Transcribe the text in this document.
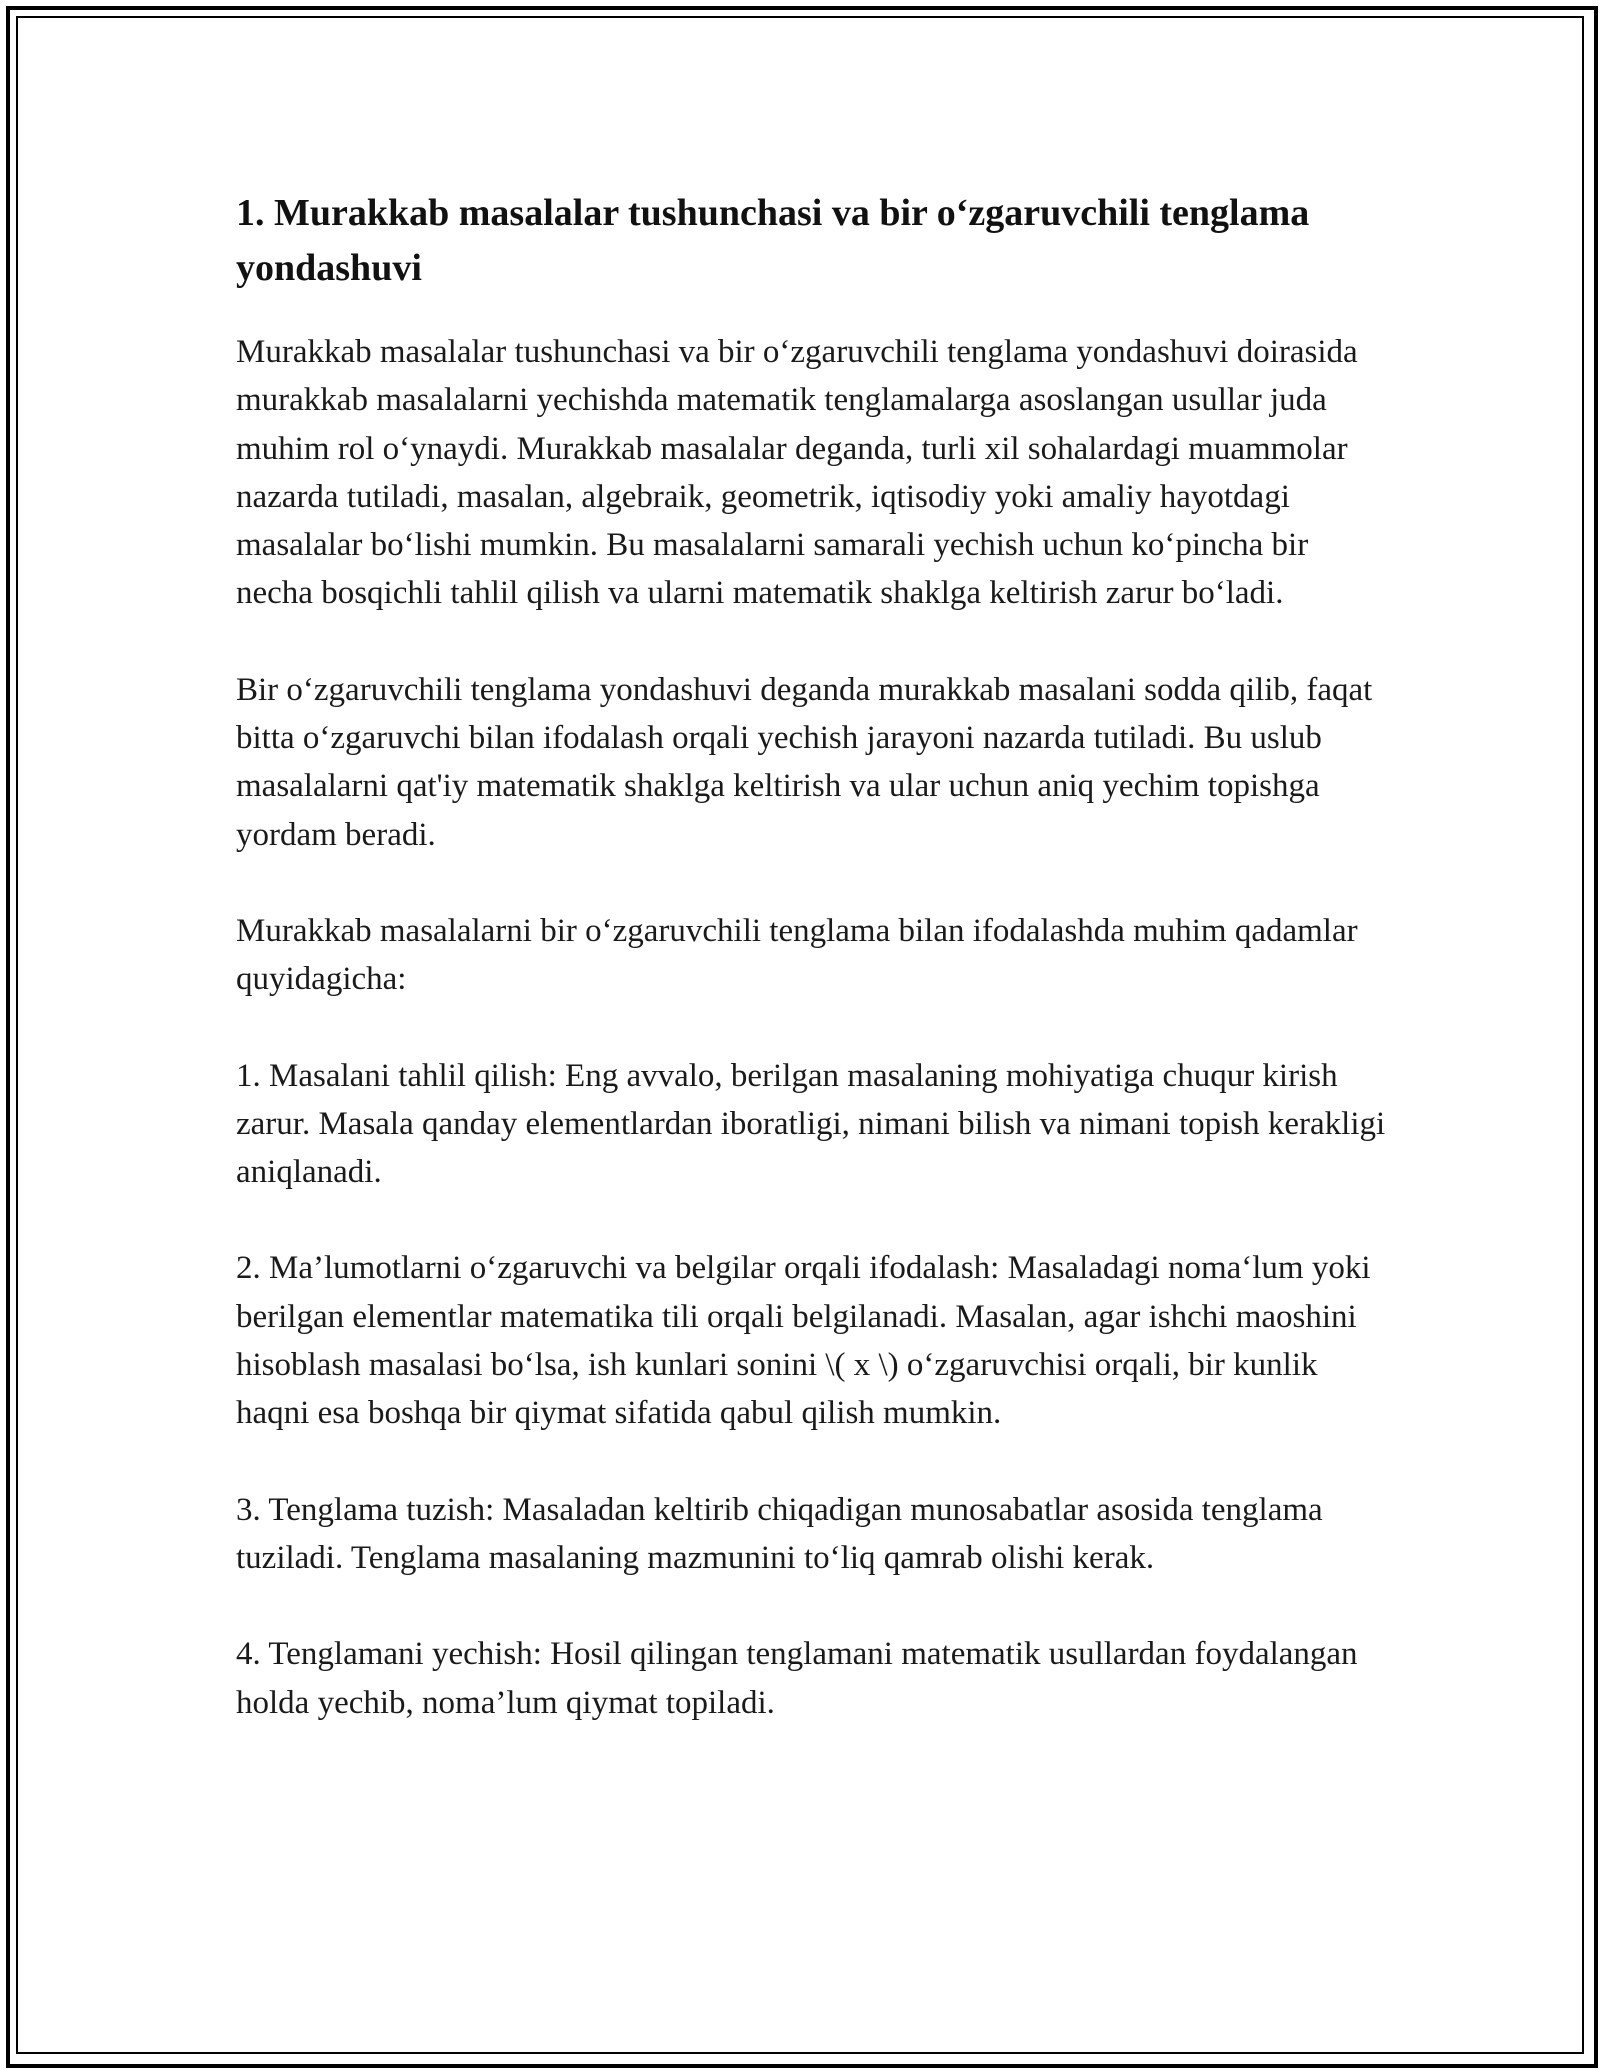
1. Murakkab masalalar tushunchasi va bir o‘zgaruvchili tenglama yondashuvi

Murakkab masalalar tushunchasi va bir o‘zgaruvchili tenglama yondashuvi doirasida murakkab masalalarni yechishda matematik tenglamalarga asoslangan usullar juda muhim rol o‘ynaydi. Murakkab masalalar deganda, turli xil sohalardagi muammolar nazarda tutiladi, masalan, algebraik, geometrik, iqtisodiy yoki amaliy hayotdagi masalalar bo‘lishi mumkin. Bu masalalarni samarali yechish uchun ko‘pincha bir necha bosqichli tahlil qilish va ularni matematik shaklga keltirish zarur bo‘ladi.

Bir o‘zgaruvchili tenglama yondashuvi deganda murakkab masalani sodda qilib, faqat bitta o‘zgaruvchi bilan ifodalash orqali yechish jarayoni nazarda tutiladi. Bu uslub masalalarni qat'iy matematik shaklga keltirish va ular uchun aniq yechim topishga yordam beradi.

Murakkab masalalarni bir o‘zgaruvchili tenglama bilan ifodalashda muhim qadamlar quyidagicha:

1. Masalani tahlil qilish: Eng avvalo, berilgan masalaning mohiyatiga chuqur kirish zarur. Masala qanday elementlardan iboratligi, nimani bilish va nimani topish kerakligi aniqlanadi.

2. Ma’lumotlarni o‘zgaruvchi va belgilar orqali ifodalash: Masaladagi noma‘lum yoki berilgan elementlar matematika tili orqali belgilanadi. Masalan, agar ishchi maoshini hisoblash masalasi bo‘lsa, ish kunlari sonini \( x \) o‘zgaruvchisi orqali, bir kunlik haqni esa boshqa bir qiymat sifatida qabul qilish mumkin.

3. Tenglama tuzish: Masaladan keltirib chiqadigan munosabatlar asosida tenglama tuziladi. Tenglama masalaning mazmunini to‘liq qamrab olishi kerak.

4. Tenglamani yechish: Hosil qilingan tenglamani matematik usullardan foydalangan holda yechib, noma’lum qiymat topiladi.
